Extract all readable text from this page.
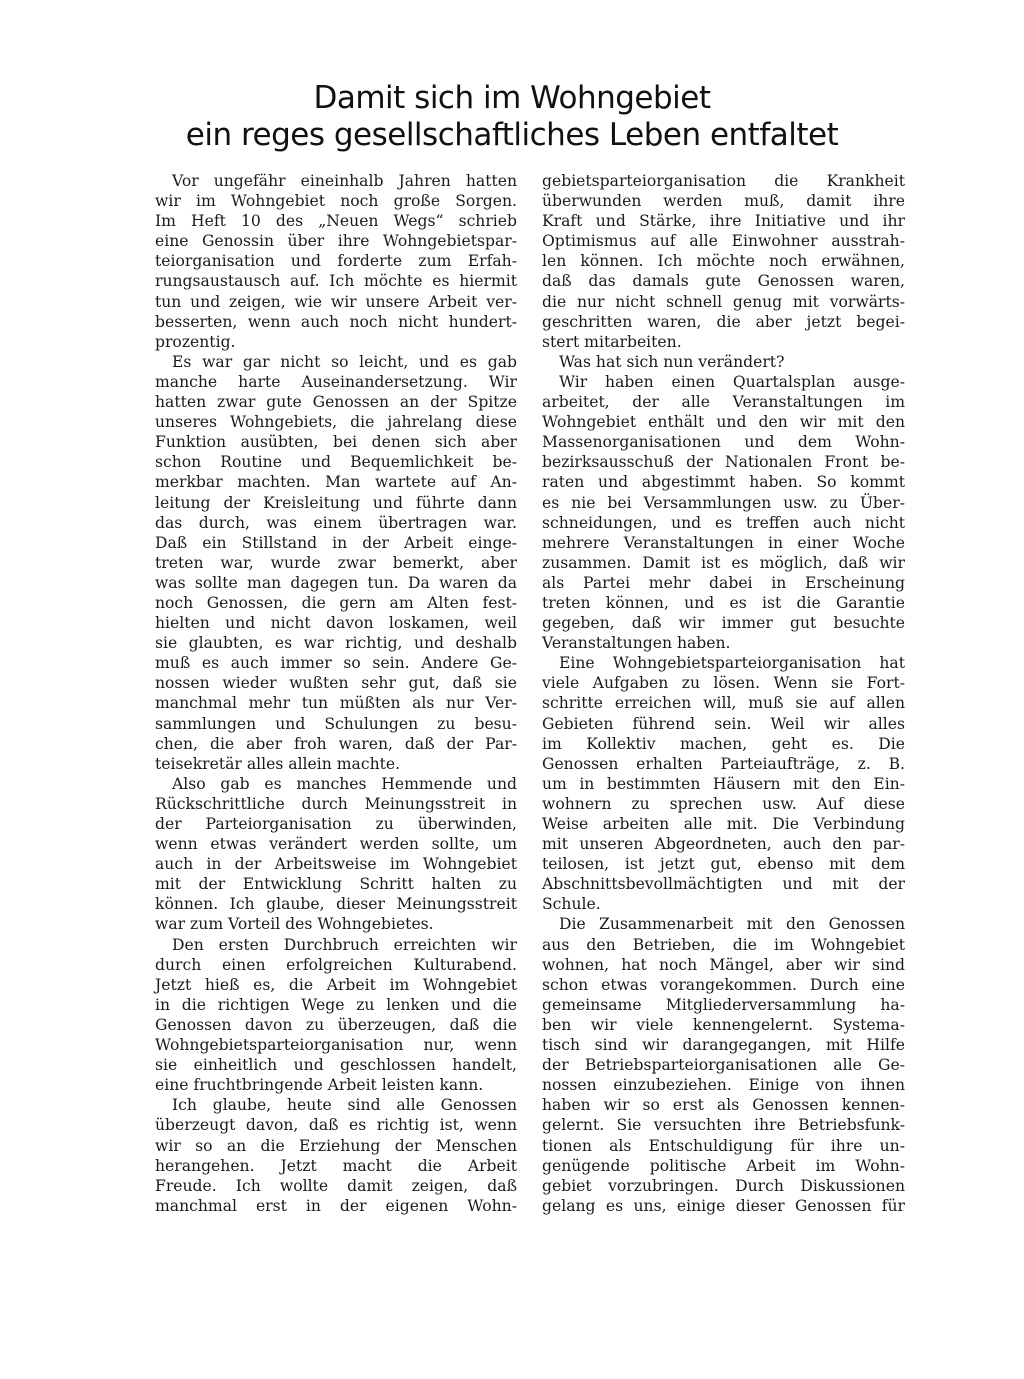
Damit sich im Wohngebiet
ein reges gesellschaftliches Leben entfaltet
Vor ungefähr eineinhalb Jahren hatten
wir im Wohngebiet noch große Sorgen.
Im Heft 10 des „Neuen Wegs“ schrieb
eine Genossin über ihre Wohngebietspar-
teiorganisation und forderte zum Erfah-
rungsaustausch auf. Ich möchte es hiermit
tun und zeigen, wie wir unsere Arbeit ver-
besserten, wenn auch noch nicht hundert-
prozentig.
Es war gar nicht so leicht, und es gab
manche harte Auseinandersetzung. Wir
hatten zwar gute Genossen an der Spitze
unseres Wohngebiets, die jahrelang diese
Funktion ausübten, bei denen sich aber
schon Routine und Bequemlichkeit be-
merkbar machten. Man wartete auf An-
leitung der Kreisleitung und führte dann
das durch, was einem übertragen war.
Daß ein Stillstand in der Arbeit einge-
treten war, wurde zwar bemerkt, aber
was sollte man dagegen tun. Da waren da
noch Genossen, die gern am Alten fest-
hielten und nicht davon loskamen, weil
sie glaubten, es war richtig, und deshalb
muß es auch immer so sein. Andere Ge-
nossen wieder wußten sehr gut, daß sie
manchmal mehr tun müßten als nur Ver-
sammlungen und Schulungen zu besu-
chen, die aber froh waren, daß der Par-
teisekretär alles allein machte.
Also gab es manches Hemmende und
Rückschrittliche durch Meinungsstreit in
der Parteiorganisation zu überwinden,
wenn etwas verändert werden sollte, um
auch in der Arbeitsweise im Wohngebiet
mit der Entwicklung Schritt halten zu
können. Ich glaube, dieser Meinungsstreit
war zum Vorteil des Wohngebietes.
Den ersten Durchbruch erreichten wir
durch einen erfolgreichen Kulturabend.
Jetzt hieß es, die Arbeit im Wohngebiet
in die richtigen Wege zu lenken und die
Genossen davon zu überzeugen, daß die
Wohngebietsparteiorganisation nur, wenn
sie einheitlich und geschlossen handelt,
eine fruchtbringende Arbeit leisten kann.
Ich glaube, heute sind alle Genossen
überzeugt davon, daß es richtig ist, wenn
wir so an die Erziehung der Menschen
herangehen. Jetzt macht die Arbeit
Freude. Ich wollte damit zeigen, daß
manchmal erst in der eigenen Wohn-
gebietsparteiorganisation die Krankheit
überwunden werden muß, damit ihre
Kraft und Stärke, ihre Initiative und ihr
Optimismus auf alle Einwohner ausstrah-
len können. Ich möchte noch erwähnen,
daß das damals gute Genossen waren,
die nur nicht schnell genug mit vorwärts-
geschritten waren, die aber jetzt begei-
stert mitarbeiten.
Was hat sich nun verändert?
Wir haben einen Quartalsplan ausge-
arbeitet, der alle Veranstaltungen im
Wohngebiet enthält und den wir mit den
Massenorganisationen und dem Wohn-
bezirksausschuß der Nationalen Front be-
raten und abgestimmt haben. So kommt
es nie bei Versammlungen usw. zu Über-
schneidungen, und es treffen auch nicht
mehrere Veranstaltungen in einer Woche
zusammen. Damit ist es möglich, daß wir
als Partei mehr dabei in Erscheinung
treten können, und es ist die Garantie
gegeben, daß wir immer gut besuchte
Veranstaltungen haben.
Eine Wohngebietsparteiorganisation hat
viele Aufgaben zu lösen. Wenn sie Fort-
schritte erreichen will, muß sie auf allen
Gebieten führend sein. Weil wir alles
im Kollektiv machen, geht es. Die
Genossen erhalten Parteiaufträge, z. B.
um in bestimmten Häusern mit den Ein-
wohnern zu sprechen usw. Auf diese
Weise arbeiten alle mit. Die Verbindung
mit unseren Abgeordneten, auch den par-
teilosen, ist jetzt gut, ebenso mit dem
Abschnittsbevollmächtigten und mit der
Schule.
Die Zusammenarbeit mit den Genossen
aus den Betrieben, die im Wohngebiet
wohnen, hat noch Mängel, aber wir sind
schon etwas vorangekommen. Durch eine
gemeinsame Mitgliederversammlung ha-
ben wir viele kennengelernt. Systema-
tisch sind wir darangegangen, mit Hilfe
der Betriebsparteiorganisationen alle Ge-
nossen einzubeziehen. Einige von ihnen
haben wir so erst als Genossen kennen-
gelernt. Sie versuchten ihre Betriebsfunk-
tionen als Entschuldigung für ihre un-
genügende politische Arbeit im Wohn-
gebiet vorzubringen. Durch Diskussionen
gelang es uns, einige dieser Genossen für
